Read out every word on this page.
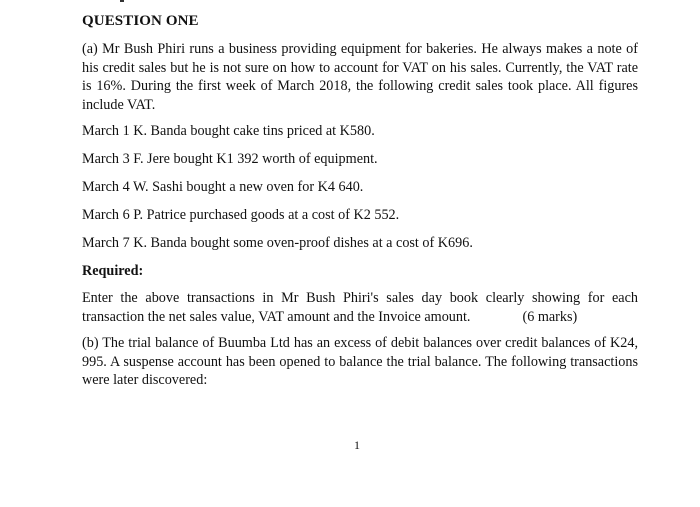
QUESTION ONE
(a) Mr Bush Phiri runs a business providing equipment for bakeries. He always makes a note of his credit sales but he is not sure on how to account for VAT on his sales. Currently, the VAT rate is 16%. During the first week of March 2018, the following credit sales took place. All figures include VAT.
March 1 K. Banda bought cake tins priced at K580.
March 3 F. Jere bought K1 392 worth of equipment.
March 4 W. Sashi bought a new oven for K4 640.
March 6 P. Patrice purchased goods at a cost of K2 552.
March 7 K. Banda bought some oven-proof dishes at a cost of K696.
Required:
Enter the above transactions in Mr Bush Phiri's sales day book clearly showing for each transaction the net sales value, VAT amount and the Invoice amount.	(6 marks)
(b) The trial balance of Buumba Ltd has an excess of debit balances over credit balances of K24, 995. A suspense account has been opened to balance the trial balance. The following transactions were later discovered:
1
